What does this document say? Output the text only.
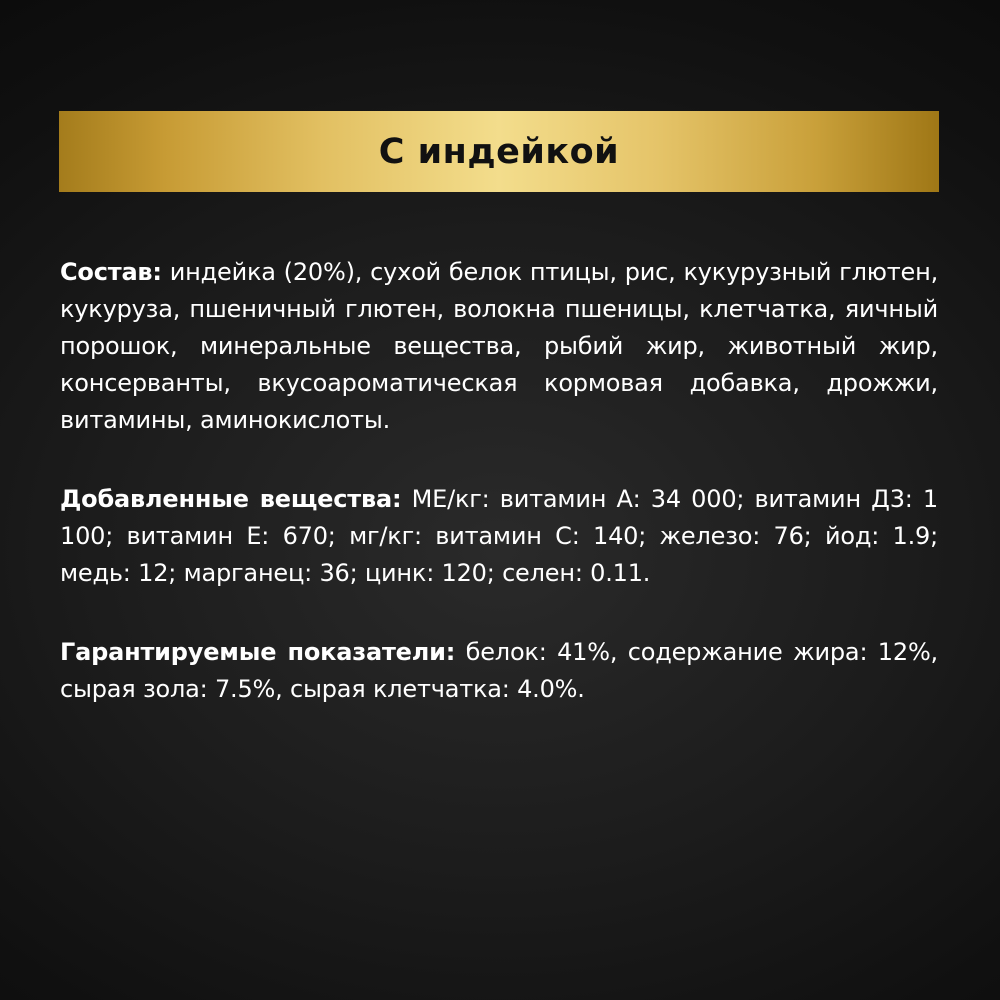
С индейкой

Состав: индейка (20%), сухой белок птицы, рис, кукурузный глютен, кукуруза, пшеничный глютен, волокна пшеницы, клетчатка, яичный порошок, минеральные вещества, рыбий жир, животный жир, консерванты, вкусоароматическая кормовая добавка, дрожжи, витамины, аминокислоты.

Добавленные вещества: МЕ/кг: витамин А: 34 000; витамин Д3: 1 100; витамин Е: 670; мг/кг: витамин С: 140; железо: 76; йод: 1.9; медь: 12; марганец: 36; цинк: 120; селен: 0.11.

Гарантируемые показатели: белок: 41%, содержание жира: 12%, сырая зола: 7.5%, сырая клетчатка: 4.0%.
